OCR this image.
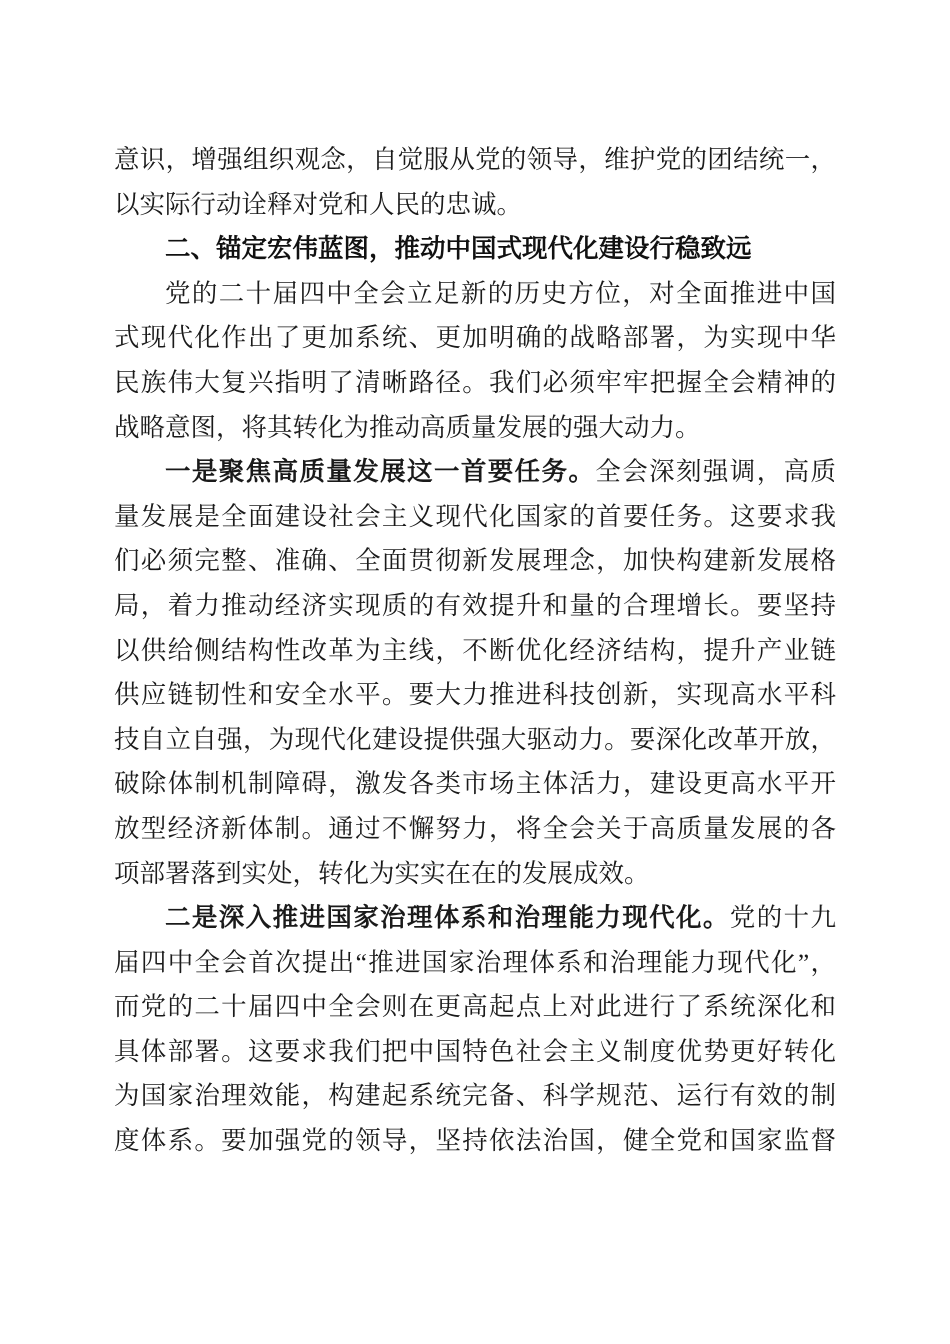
意识，增强组织观念，自觉服从党的领导，维护党的团结统一，
以实际行动诠释对党和人民的忠诚。
二、锚定宏伟蓝图，推动中国式现代化建设行稳致远
党的二十届四中全会立足新的历史方位，对全面推进中国
式现代化作出了更加系统、更加明确的战略部署，为实现中华
民族伟大复兴指明了清晰路径。我们必须牢牢把握全会精神的
战略意图，将其转化为推动高质量发展的强大动力。
一是聚焦高质量发展这一首要任务。全会深刻强调，高质
量发展是全面建设社会主义现代化国家的首要任务。这要求我
们必须完整、准确、全面贯彻新发展理念，加快构建新发展格
局，着力推动经济实现质的有效提升和量的合理增长。要坚持
以供给侧结构性改革为主线，不断优化经济结构，提升产业链
供应链韧性和安全水平。要大力推进科技创新，实现高水平科
技自立自强，为现代化建设提供强大驱动力。要深化改革开放，
破除体制机制障碍，激发各类市场主体活力，建设更高水平开
放型经济新体制。通过不懈努力，将全会关于高质量发展的各
项部署落到实处，转化为实实在在的发展成效。
二是深入推进国家治理体系和治理能力现代化。党的十九
届四中全会首次提出“推进国家治理体系和治理能力现代化”，
而党的二十届四中全会则在更高起点上对此进行了系统深化和
具体部署。这要求我们把中国特色社会主义制度优势更好转化
为国家治理效能，构建起系统完备、科学规范、运行有效的制
度体系。要加强党的领导，坚持依法治国，健全党和国家监督
